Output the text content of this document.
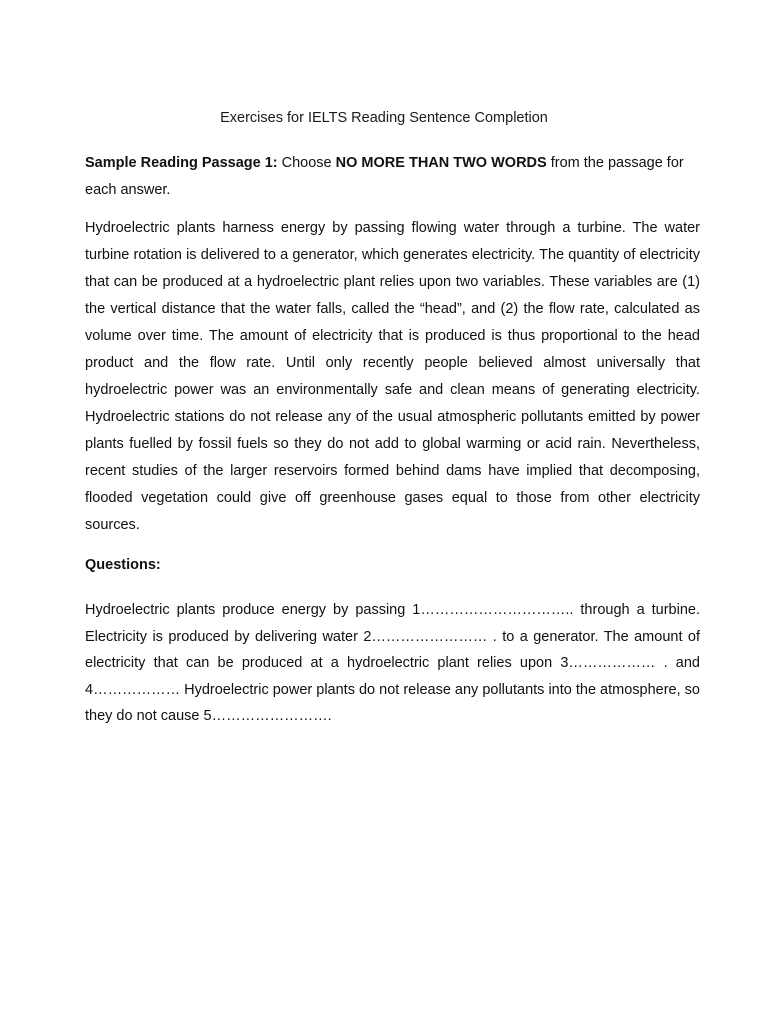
Exercises for IELTS Reading Sentence Completion
Sample Reading Passage 1: Choose NO MORE THAN TWO WORDS from the passage for each answer.
Hydroelectric plants harness energy by passing flowing water through a turbine. The water turbine rotation is delivered to a generator, which generates electricity. The quantity of electricity that can be produced at a hydroelectric plant relies upon two variables. These variables are (1) the vertical distance that the water falls, called the “head”, and (2) the flow rate, calculated as volume over time. The amount of electricity that is produced is thus proportional to the head product and the flow rate. Until only recently people believed almost universally that hydroelectric power was an environmentally safe and clean means of generating electricity. Hydroelectric stations do not release any of the usual atmospheric pollutants emitted by power plants fuelled by fossil fuels so they do not add to global warming or acid rain. Nevertheless, recent studies of the larger reservoirs formed behind dams have implied that decomposing, flooded vegetation could give off greenhouse gases equal to those from other electricity sources.
Questions:
Hydroelectric plants produce energy by passing 1………………………….. through a turbine. Electricity is produced by delivering water 2…………………… . to a generator. The amount of electricity that can be produced at a hydroelectric plant relies upon 3……………… . and 4……………… Hydroelectric power plants do not release any pollutants into the atmosphere, so they do not cause 5…………………….
